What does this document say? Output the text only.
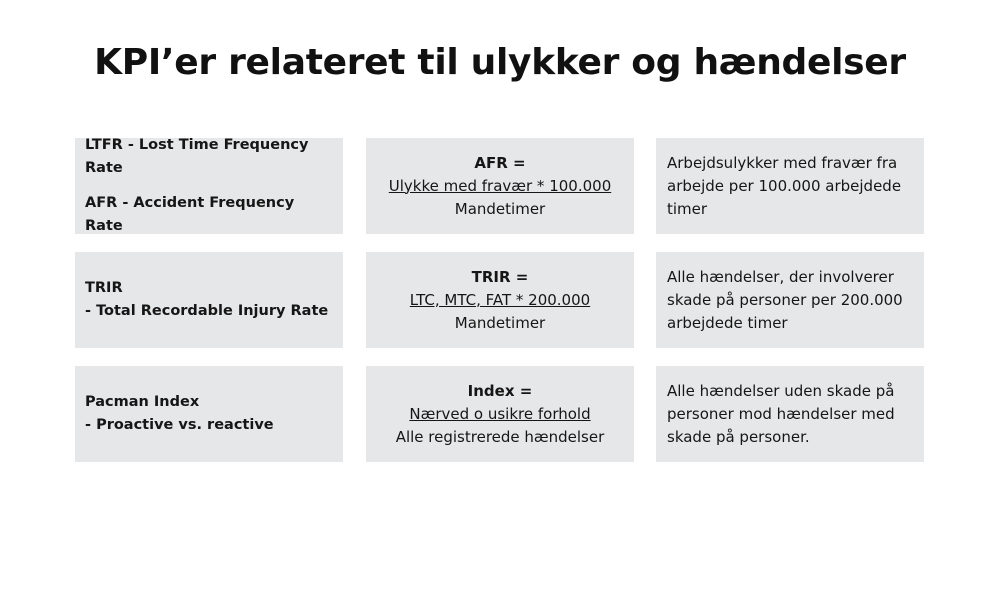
KPI’er relateret til ulykker og hændelser
LTFR - Lost Time Frequency Rate
AFR - Accident Frequency Rate
AFR =
Ulykke med fravær * 100.000
Mandetimer
Arbejdsulykker med fravær fra arbejde per 100.000 arbejdede timer
TRIR
- Total Recordable Injury Rate
TRIR =
LTC, MTC, FAT * 200.000
Mandetimer
Alle hændelser, der involverer skade på personer per 200.000 arbejdede timer
Pacman Index
- Proactive vs. reactive
Index =
Nærved o usikre forhold
Alle registrerede hændelser
Alle hændelser uden skade på personer mod hændelser med skade på personer.
